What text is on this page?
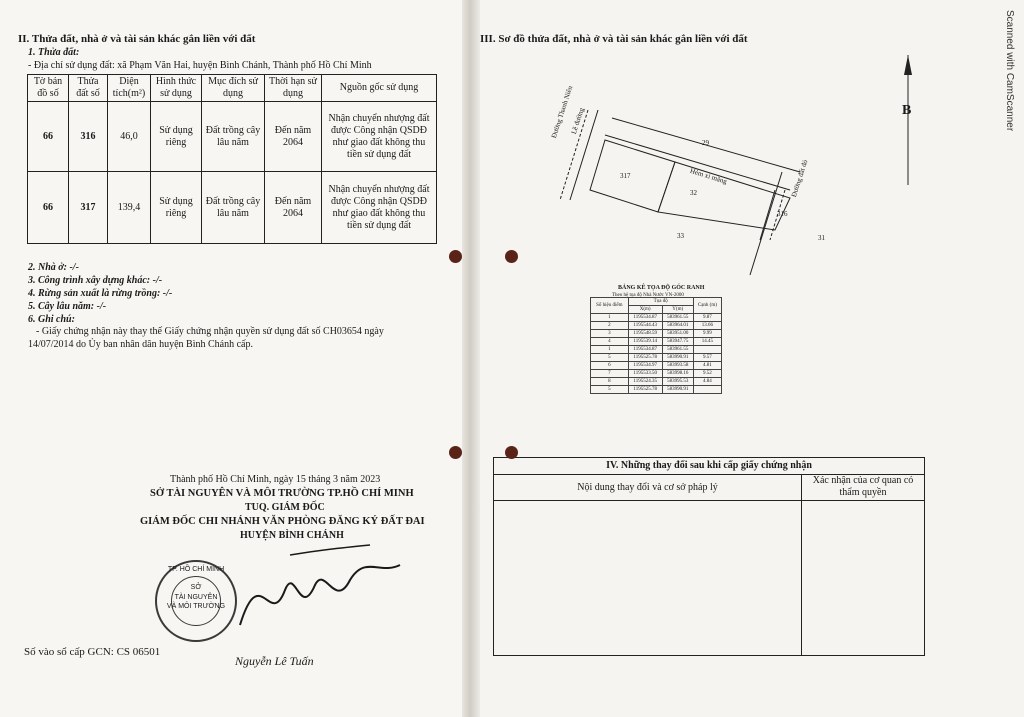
II. Thửa đất, nhà ở và tài sản khác gắn liền với đất
1. Thửa đất:
- Địa chỉ sử dụng đất: xã Phạm Văn Hai, huyện Bình Chánh, Thành phố Hồ Chí Minh
Tờ bản đồ số	Thửa đất số	Diện tích(m²)	Hình thức sử dụng	Mục đích sử dụng	Thời hạn sử dụng	Nguồn gốc sử dụng
66	316	46,0	Sử dụng riêng	Đất trồng cây lâu năm	Đến năm 2064	Nhận chuyển nhượng đất được Công nhận QSDĐ như giao đất không thu tiền sử dụng đất
66	317	139,4	Sử dụng riêng	Đất trồng cây lâu năm	Đến năm 2064	Nhận chuyển nhượng đất được Công nhận QSDĐ như giao đất không thu tiền sử dụng đất
2. Nhà ở: -/-
3. Công trình xây dựng khác: -/-
4. Rừng sản xuất là rừng trồng: -/-
5. Cây lâu năm: -/-
6. Ghi chú:
- Giấy chứng nhận này thay thế Giấy chứng nhận quyền sử dụng đất số CH03654 ngày
14/07/2014 do Ủy ban nhân dân huyện Bình Chánh cấp.
Thành phố Hồ Chí Minh, ngày 15 tháng 3 năm 2023
SỞ TÀI NGUYÊN VÀ MÔI TRƯỜNG TP.HỒ CHÍ MINH
TUQ. GIÁM ĐỐC
GIÁM ĐỐC CHI NHÁNH VĂN PHÒNG ĐĂNG KÝ ĐẤT ĐAI
HUYỆN BÌNH CHÁNH
TP. HỒ CHÍ MINH
SỞ
TÀI NGUYÊN
VÀ MÔI TRƯỜNG
Nguyễn Lê Tuấn
Số vào sổ cấp GCN: CS 06501
III. Sơ đồ thửa đất, nhà ở và tài sản khác gắn liền với đất
Đường Thanh Niên
Lề đường
Hẻm xi măng	Đường đất đỏ
317
316
29
32
33	31
B
BẢNG KÊ TỌA ĐỘ GÓC RANH
Theo hệ tọa độ Nhà Nước VN-2000
Số hiệu điểm	Tọa độ		Cạnh (m)
	X(m)	Y(m)	
1	1195534.87	583961.55	9.87
2	1195544.43	583964.01	13.66
3	1195548.59	583951.00	9.99
4	1195539.14	583947.75	14.45
1	1195534.87	583961.55	
5	1195525.78	583990.91	9.57
6	1195534.97	583993.58	4.81
7	1195533.50	583998.16	9.52
8	1195524.35	583995.53	4.84
5	1195525.78	583990.91	
IV. Những thay đổi sau khi cấp giấy chứng nhận
Nội dung thay đổi và cơ sở pháp lý
Xác nhận của cơ quan có thẩm quyền
Scanned with CamScanner
